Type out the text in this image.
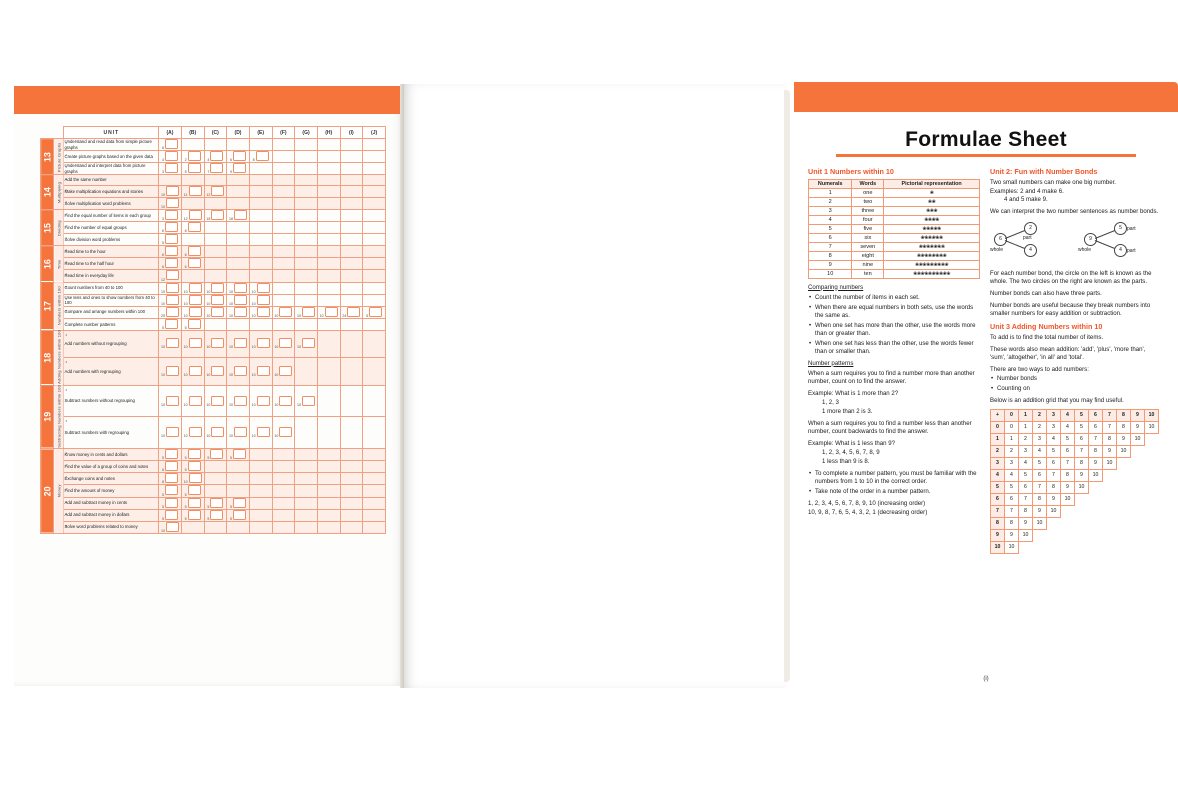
		UNIT	(A)	(B)	(C)	(D)	(E)	(F)	(G)	(H)	(I)	(J)
13	Picture Graphs	• Understand and read data from simple picture graphs	6									
		• Create picture graphs based on the given data	4	2	4	6	8					
		• Understand and interpret data from picture graphs	3	5	7	9						
14	Multiplying	• Add the same number										
		• Make multiplication equations and stories	10	11	12							
		• Solve multiplication word problems	10									
15	Dividing	• Find the equal number of items in each group	3	12	15	18						
		• Find the number of equal groups	6	8								
		• Solve division word problems	5									
16	Time	• Read time to the hour	6	6								
		• Read time to the half hour	6	6								
		• Read time in everyday life	12									
17	Numbers within 100	• Count numbers from 40 to 100	10	10	10	10	10					
		• Use tens and ones to show numbers from 40 to 100	10	10	10	10	10					
		• Compare and arrange numbers within 100	25	10	10	10	10	10	10	10	24	5
		• Complete number patterns	5	5								
18	Adding Numbers within 100	• Add numbers without regrouping	10	10	10	10	10	10	10			
		• Add numbers with regrouping	10	10	10	10	10	10				
19	Subtracting Numbers within 100	• Subtract numbers without regrouping	10	10	10	10	10	10	10			
		• Subtract numbers with regrouping	10	10	10	10	10	10				
20	Money	• Know money in cents and dollars	5	5	5	5						
		• Find the value of a group of coins and notes	6	5								
		• Exchange coins and notes	8	10								
		• Find the amount of money	5	5								
		• Add and subtract money in cents	5	5	5	5						
		• Add and subtract money in dollars	5	5	5	5						
		• Solve word problems related to money	10									
Formulae Sheet
Unit 1 Numbers within 10
Numerals	Words	Pictorial representation
1	one	❀
2	two	❀❀
3	three	❀❀❀
4	four	❀❀❀❀
5	five	❀❀❀❀❀
6	six	❀❀❀❀❀❀
7	seven	❀❀❀❀❀❀❀
8	eight	❀❀❀❀❀❀❀❀
9	nine	❀❀❀❀❀❀❀❀❀
10	ten	❀❀❀❀❀❀❀❀❀❀

Comparing numbers

• Count the number of items in each set.
• When there are equal numbers in both sets, use the words the same as.
• When one set has more than the other, use the words more than or greater than.
• When one set has less than the other, use the words fewer than or smaller than.

Number patterns

When a sum requires you to find a number more than another number, count on to find the answer.

Example: What is 1 more than 2?

1, 2, 3

1 more than 2 is 3.

When a sum requires you to find a number less than another number, count backwards to find the answer.

Example: What is 1 less than 9?

1, 2, 3, 4, 5, 6, 7, 8, 9

1 less than 9 is 8.

• To complete a number pattern, you must be familiar with the numbers from 1 to 10 in the correct order.
• Take note of the order in a number pattern.

1, 2, 3, 4, 5, 6, 7, 8, 9, 10 (increasing order)

10, 9, 8, 7, 6, 5, 4, 3, 2, 1 (decreasing order)

Unit 2: Fun with Number Bonds

Two small numbers can make one big number.

Examples: 2 and 4 make 6.

4 and 5 make 9.

We can interpret the two number sentences as number bonds.

6
2
4
whole
part	9
5
4
whole
part
part

For each number bond, the circle on the left is known as the whole. The two circles on the right are known as the parts.

Number bonds can also have three parts.

Number bonds are useful because they break numbers into smaller numbers for easy addition or subtraction.

Unit 3 Adding Numbers within 10

To add is to find the total number of items.

These words also mean addition: 'add', 'plus', 'more than', 'sum', 'altogether', 'in all' and 'total'.

There are two ways to add numbers:

• Number bonds
• Counting on

Below is an addition grid that you may find useful.

+	0	1	2	3	4	5	6	7	8	9	10
0	0	1	2	3	4	5	6	7	8	9	10
1	1	2	3	4	5	6	7	8	9	10	
2	2	3	4	5	6	7	8	9	10		
3	3	4	5	6	7	8	9	10			
4	4	5	6	7	8	9	10				
5	5	6	7	8	9	10					
6	6	7	8	9	10						
7	7	8	9	10							
8	8	9	10								
9	9	10									
10	10										
(i)
